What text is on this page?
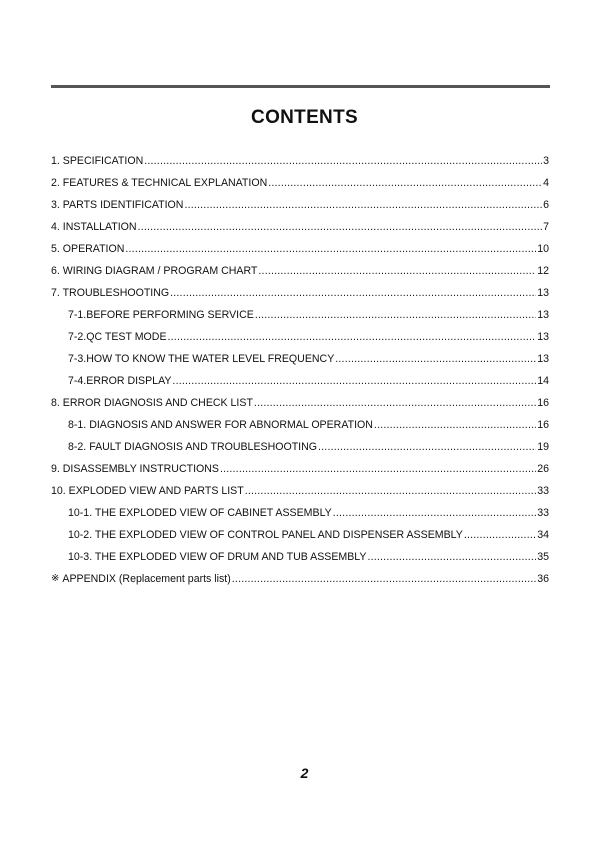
CONTENTS
1. SPECIFICATION .....	3
2. FEATURES & TECHNICAL EXPLANATION .....	4
3. PARTS IDENTIFICATION .....	6
4. INSTALLATION .....	7
5. OPERATION .....	10
6. WIRING DIAGRAM / PROGRAM CHART .....	12
7. TROUBLESHOOTING .....	13
7-1.BEFORE PERFORMING SERVICE .....	13
7-2.QC TEST MODE .....	13
7-3.HOW TO KNOW THE WATER LEVEL FREQUENCY .....	13
7-4.ERROR DISPLAY .....	14
8. ERROR DIAGNOSIS AND CHECK LIST .....	16
8-1. DIAGNOSIS AND ANSWER FOR ABNORMAL OPERATION .....	16
8-2. FAULT DIAGNOSIS AND TROUBLESHOOTING .....	19
9. DISASSEMBLY INSTRUCTIONS .....	26
10. EXPLODED VIEW AND PARTS LIST .....	33
10-1. THE EXPLODED VIEW OF CABINET ASSEMBLY .....	33
10-2. THE EXPLODED VIEW OF CONTROL PANEL AND DISPENSER ASSEMBLY .....	34
10-3. THE EXPLODED VIEW OF DRUM AND TUB ASSEMBLY .....	35
※ APPENDIX (Replacement parts list) .....	36
2
